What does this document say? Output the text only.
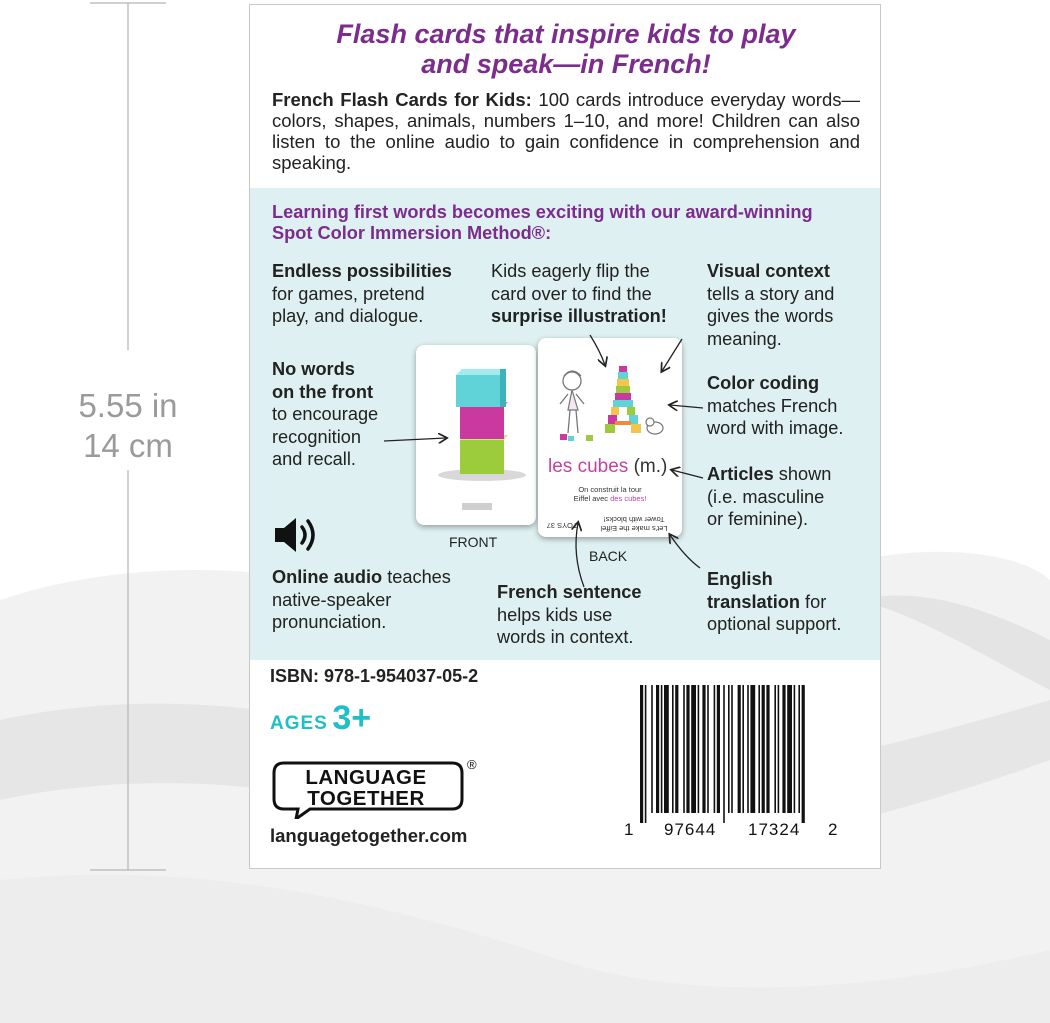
5.55 in
14 cm
Flash cards that inspire kids to play
and speak—in French!

French Flash Cards for Kids: 100 cards introduce everyday words—colors, shapes, animals, numbers 1–10, and more! Children can also listen to the online audio to gain confidence in comprehension and speaking.

Learning first words becomes exciting with our award-winning
Spot Color Immersion Method®:

Endless possibilities
for games, pretend
play, and dialogue.

Kids eagerly flip the
card over to find the
surprise illustration!

Visual context
tells a story and
gives the words
meaning.

No words
on the front
to encourage
recognition
and recall.

Color coding
matches French
word with image.

Articles shown
(i.e. masculine
or feminine).

Online audio teaches
native-speaker
pronunciation.

French sentence
helps kids use
words in context.

English
translation for
optional support.

FRONT
les cubes (m.)
On construit la tour
Eiffel avec des cubes!
Let's make the Eiffel
Tower with blocks!
TOYS 37
BACK
ISBN: 978-1-954037-05-2
AGES 3+
LANGUAGE
TOGETHER
®
languagetogether.com	1 97644 17324 2
